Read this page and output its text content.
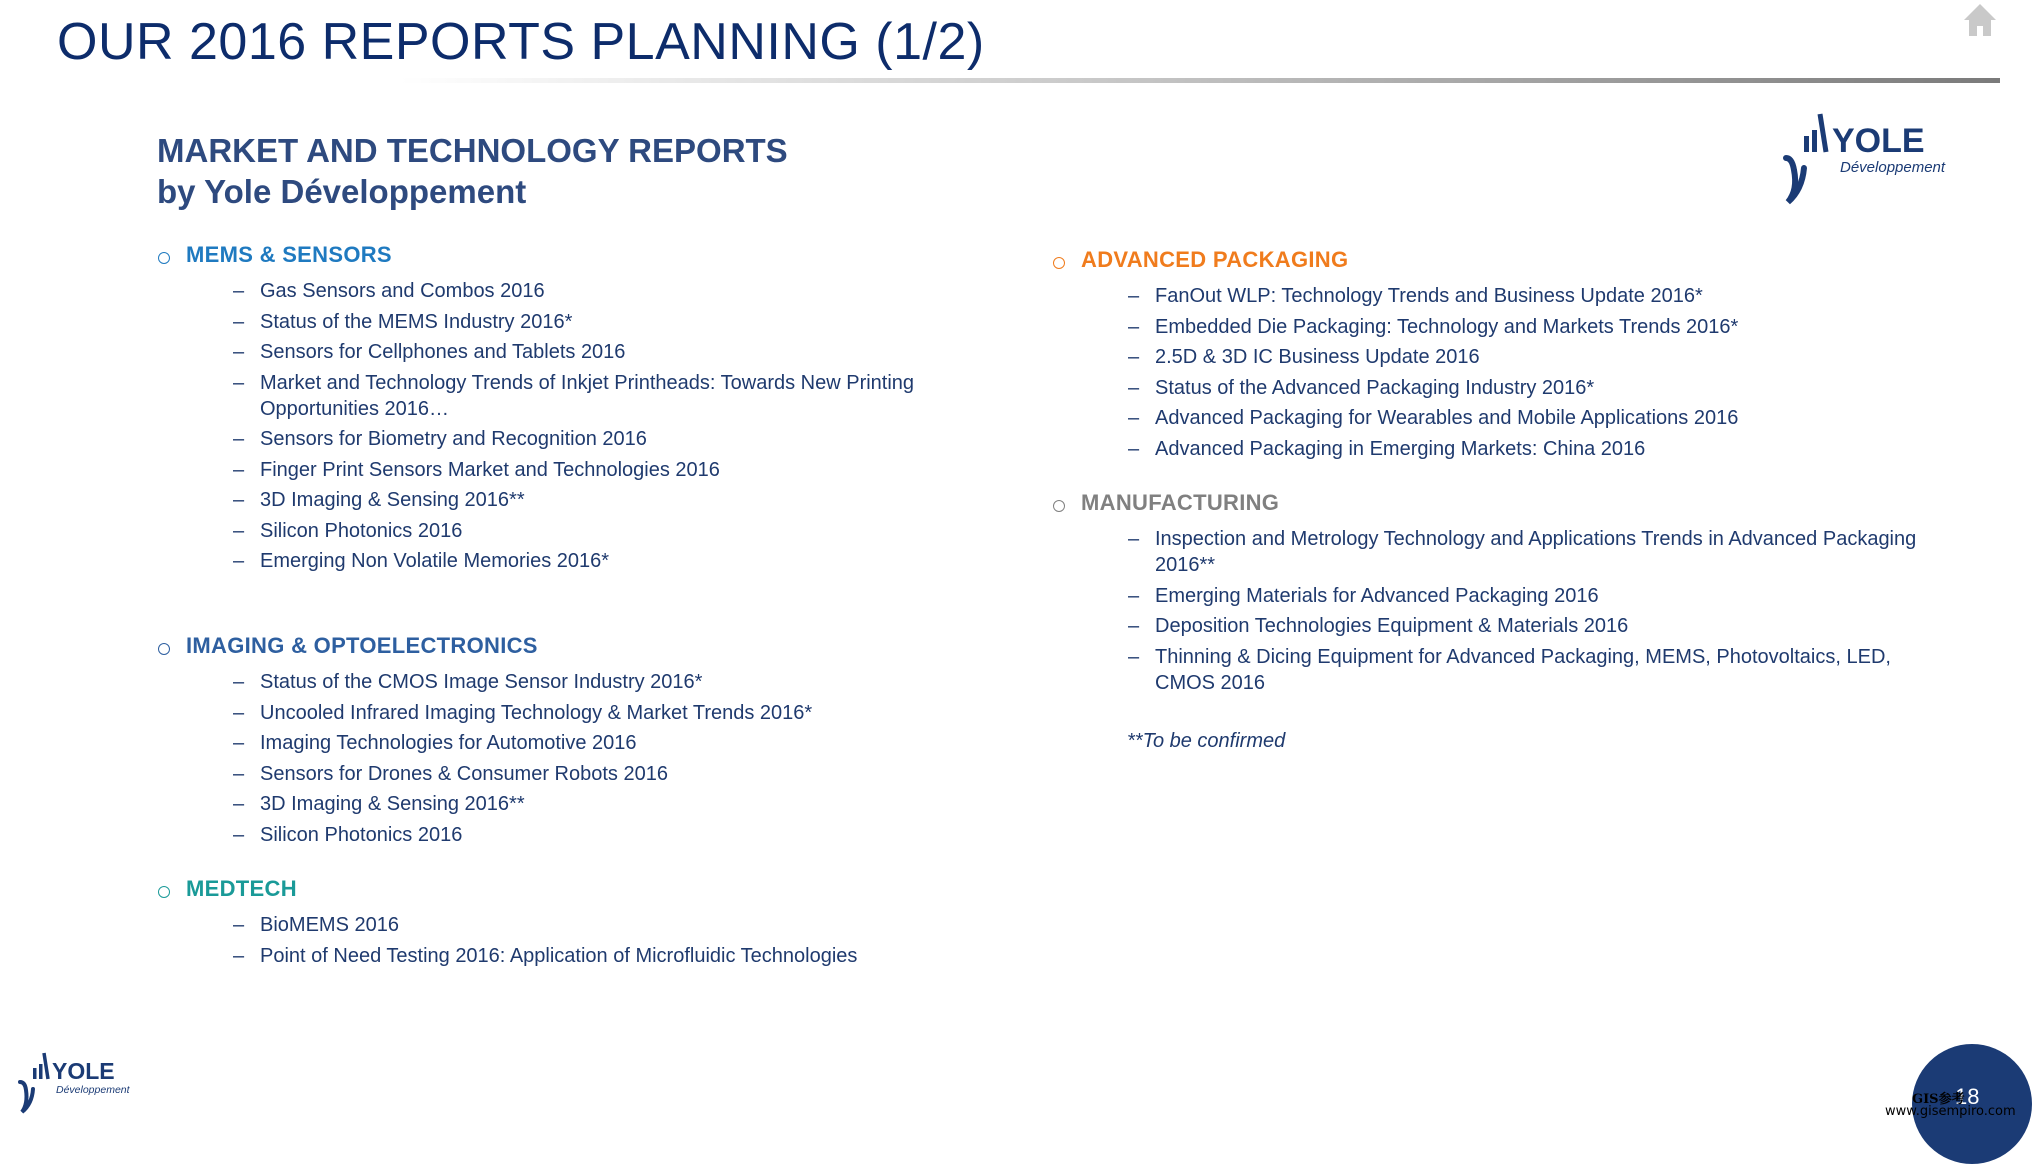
OUR 2016 REPORTS PLANNING (1/2)
MARKET AND TECHNOLOGY REPORTS
by Yole Développement
YOLE
Développement
MEMS & SENSORS
– Gas Sensors and Combos 2016
– Status of the MEMS Industry 2016*
– Sensors for Cellphones and Tablets 2016
– Market and Technology Trends of Inkjet Printheads: Towards New Printing Opportunities 2016…
– Sensors for Biometry and Recognition 2016
– Finger Print Sensors Market and Technologies 2016
– 3D Imaging & Sensing 2016**
– Silicon Photonics 2016
– Emerging Non Volatile Memories 2016*
IMAGING & OPTOELECTRONICS
– Status of the CMOS Image Sensor Industry 2016*
– Uncooled Infrared Imaging Technology & Market Trends 2016*
– Imaging Technologies for Automotive 2016
– Sensors for Drones & Consumer Robots 2016
– 3D Imaging & Sensing 2016**
– Silicon Photonics 2016
MEDTECH
– BioMEMS 2016
– Point of Need Testing 2016: Application of Microfluidic Technologies
ADVANCED PACKAGING
– FanOut WLP: Technology Trends and Business Update 2016*
– Embedded Die Packaging: Technology and Markets Trends 2016*
– 2.5D & 3D IC Business Update 2016
– Status of the Advanced Packaging Industry 2016*
– Advanced Packaging for Wearables and Mobile Applications 2016
– Advanced Packaging in Emerging Markets: China 2016
MANUFACTURING
– Inspection and Metrology Technology and Applications Trends in Advanced Packaging 2016**
– Emerging Materials for Advanced Packaging 2016
– Deposition Technologies Equipment & Materials 2016
– Thinning & Dicing Equipment for Advanced Packaging, MEMS, Photovoltaics, LED, CMOS 2016
**To be confirmed
YOLE
Développement	18
GIS参考
www.gisempiro.com
